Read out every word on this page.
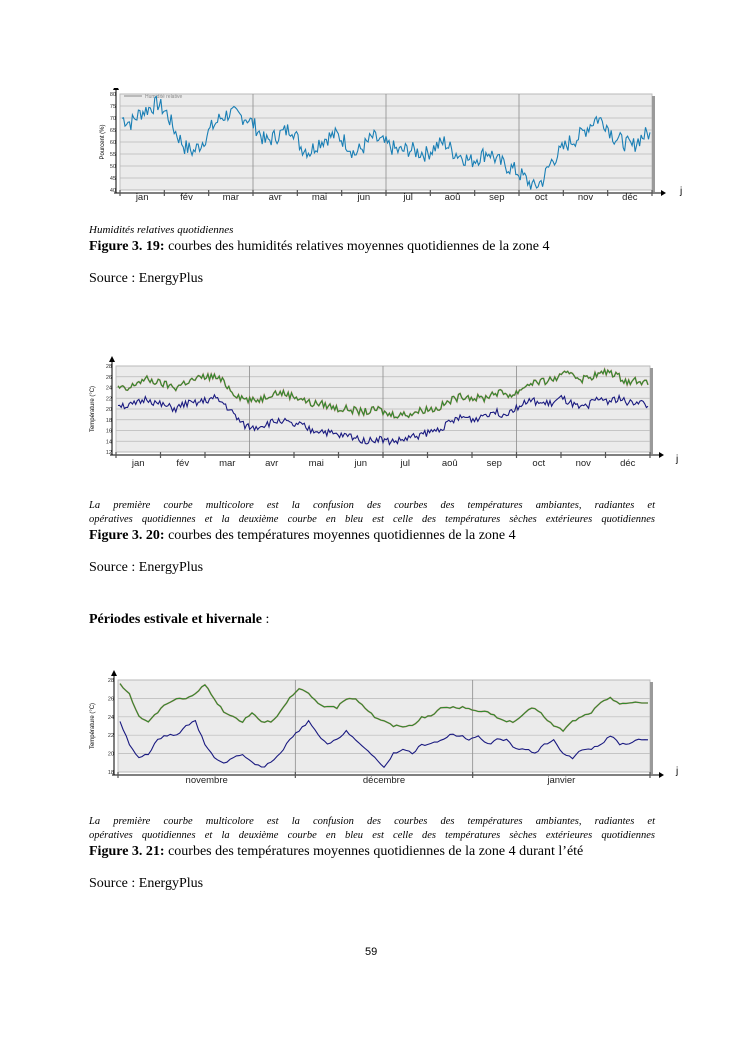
40
45
50
55
60
65
70
75
80
jan	fév	mar	avr	mai	jun	jul	aoû	sep	oct	nov	déc
j
Pourcent (%)
Humidité relative
Humidités relatives quotidiennes
Figure 3. 19: courbes des humidités relatives moyennes quotidiennes de la zone 4
Source : EnergyPlus
12
14
16
18
20
22
24
26
28
jan	fév	mar	avr	mai	jun	jul	aoû	sep	oct	nov	déc	j
Température (°C)
La première courbe multicolore est la confusion des courbes des températures ambiantes, radiantes et
opératives quotidiennes et la deuxième courbe en bleu est celle des températures sèches extérieures quotidiennes
Figure 3. 20: courbes des températures moyennes quotidiennes de la zone 4
Source : EnergyPlus
Périodes estivale et hivernale :
18
20
22
24
26
28
novembre	décembre	janvier
j
Température (°C)
La première courbe multicolore est la confusion des courbes des températures ambiantes, radiantes et
opératives quotidiennes et la deuxième courbe en bleu est celle des températures sèches extérieures quotidiennes
Figure 3. 21: courbes des températures moyennes quotidiennes de la zone 4 durant l’été
Source : EnergyPlus
59
